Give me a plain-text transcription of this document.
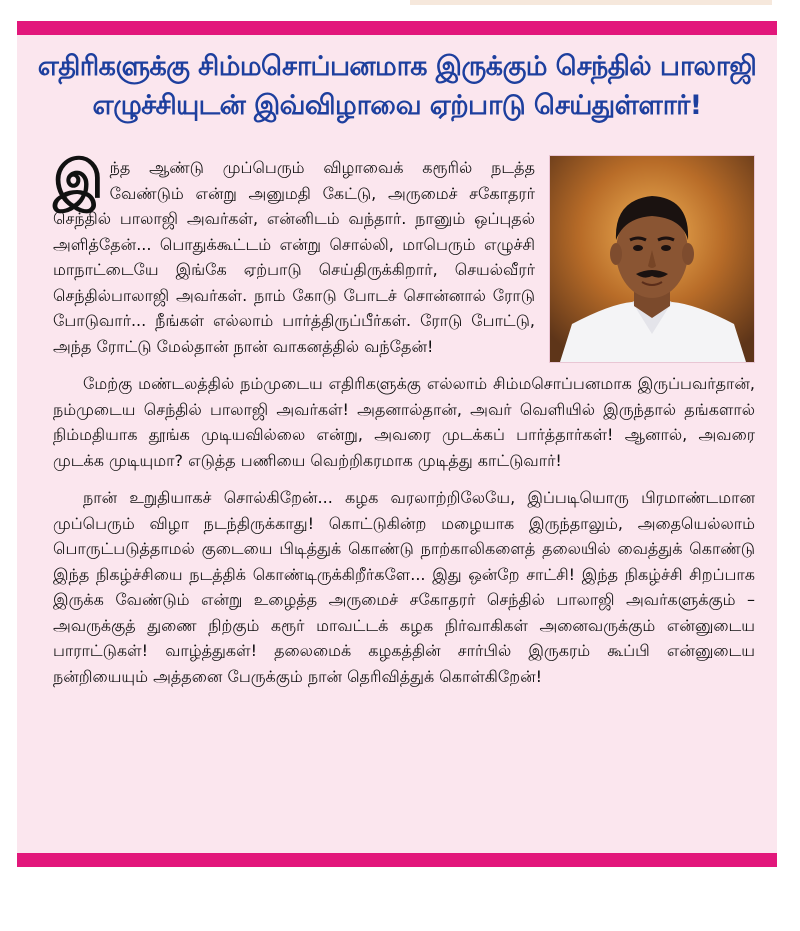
எதிரிகளுக்கு சிம்மசொப்பனமாக இருக்கும் செந்தில் பாலாஜி
எழுச்சியுடன் இவ்விழாவை ஏற்பாடு செய்துள்ளார்!

இந்த ஆண்டு முப்பெரும் விழாவைக் கரூரில் நடத்த வேண்டும் என்று அனுமதி கேட்டு, அருமைச் சகோதரர் செந்தில் பாலாஜி அவர்கள், என்னிடம் வந்தார். நானும் ஒப்புதல் அளித்தேன்... பொதுக்கூட்டம் என்று சொல்லி, மாபெரும் எழுச்சி மாநாட்டையே இங்கே ஏற்பாடு செய்திருக்கிறார், செயல்வீரர் செந்தில்பாலாஜி அவர்கள். நாம் கோடு போடச் சொன்னால் ரோடு போடுவார்... நீங்கள் எல்லாம் பார்த்திருப்பீர்கள். ரோடு போட்டு, அந்த ரோட்டு மேல்தான் நான் வாகனத்தில் வந்தேன்!

மேற்கு மண்டலத்தில் நம்முடைய எதிரிகளுக்கு எல்லாம் சிம்மசொப்பனமாக இருப்பவர்தான், நம்முடைய செந்தில் பாலாஜி அவர்கள்! அதனால்தான், அவர் வெளியில் இருந்தால் தங்களால் நிம்மதியாக தூங்க முடியவில்லை என்று, அவரை முடக்கப் பார்த்தார்கள்! ஆனால், அவரை முடக்க முடியுமா? எடுத்த பணியை வெற்றிகரமாக முடித்து காட்டுவார்!

நான் உறுதியாகச் சொல்கிறேன்... கழக வரலாற்றிலேயே, இப்படியொரு பிரமாண்டமான முப்பெரும் விழா நடந்திருக்காது! கொட்டுகின்ற மழையாக இருந்தாலும், அதையெல்லாம் பொருட்படுத்தாமல் குடையை பிடித்துக் கொண்டு நாற்காலிகளைத் தலையில் வைத்துக் கொண்டு இந்த நிகழ்ச்சியை நடத்திக் கொண்டிருக்கிறீர்களே... இது ஒன்றே சாட்சி! இந்த நிகழ்ச்சி சிறப்பாக இருக்க வேண்டும் என்று உழைத்த அருமைச் சகோதரர் செந்தில் பாலாஜி அவர்களுக்கும் – அவருக்குத் துணை நிற்கும் கரூர் மாவட்டக் கழக நிர்வாகிகள் அனைவருக்கும் என்னுடைய பாராட்டுகள்! வாழ்த்துகள்! தலைமைக் கழகத்தின் சார்பில் இருகரம் கூப்பி என்னுடைய நன்றியையும் அத்தனை பேருக்கும் நான் தெரிவித்துக் கொள்கிறேன்!
